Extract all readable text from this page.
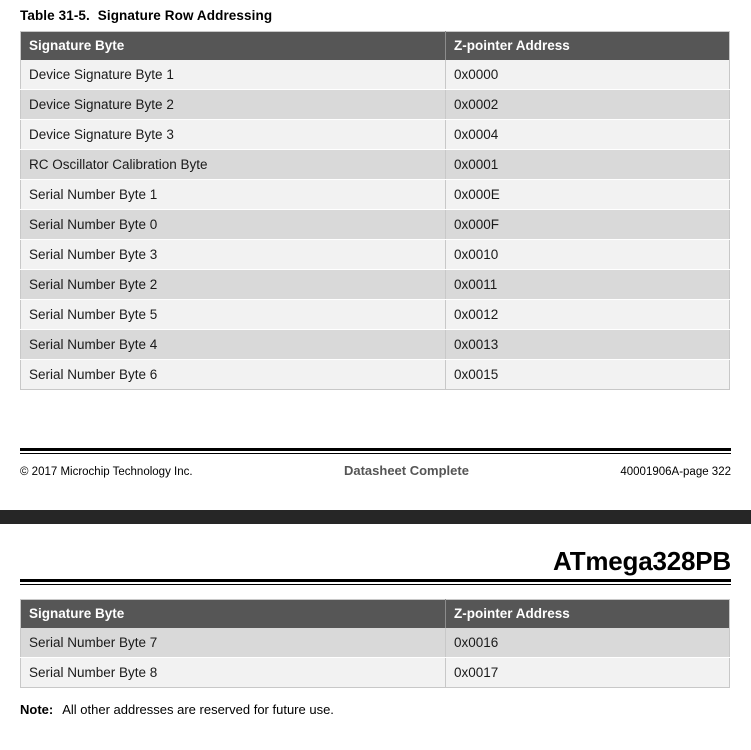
Table 31-5. Signature Row Addressing
Signature Byte	Z-pointer Address
Device Signature Byte 1	0x0000
Device Signature Byte 2	0x0002
Device Signature Byte 3	0x0004
RC Oscillator Calibration Byte	0x0001
Serial Number Byte 1	0x000E
Serial Number Byte 0	0x000F
Serial Number Byte 3	0x0010
Serial Number Byte 2	0x0011
Serial Number Byte 5	0x0012
Serial Number Byte 4	0x0013
Serial Number Byte 6	0x0015
© 2017 Microchip Technology Inc.	Datasheet Complete	40001906A-page 322
ATmega328PB
Signature Byte	Z-pointer Address
Serial Number Byte 7	0x0016
Serial Number Byte 8	0x0017
Note: All other addresses are reserved for future use.
